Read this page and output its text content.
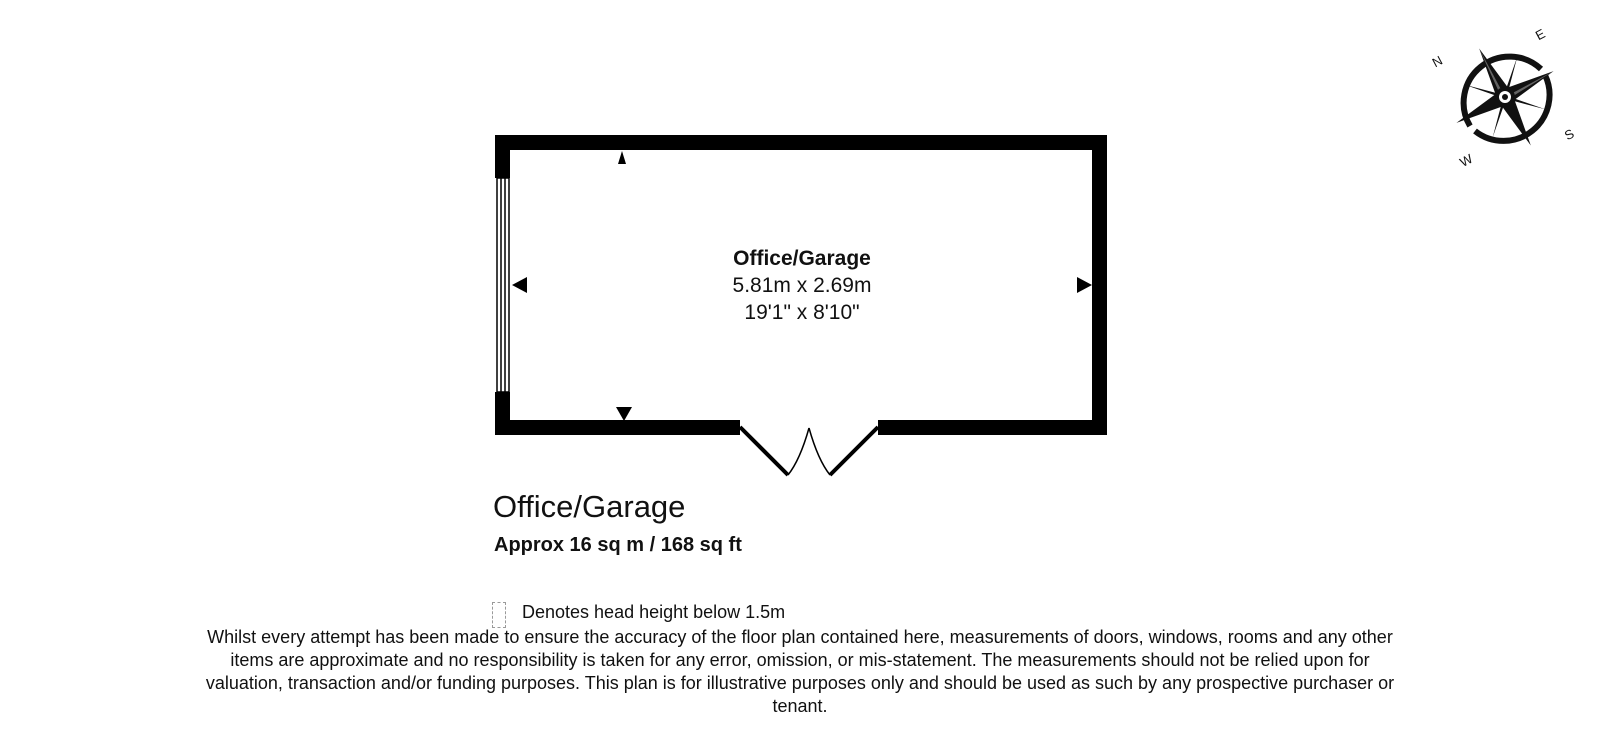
Office/Garage
5.81m x 2.69m
19'1" x 8'10"
N
E
S
W
Office/Garage
Approx 16 sq m / 168 sq ft
Denotes head height below 1.5m
Whilst every attempt has been made to ensure the accuracy of the floor plan contained here, measurements of doors, windows, rooms and any other items are approximate and no responsibility is taken for any error, omission, or mis-statement. The measurements should not be relied upon for valuation, transaction and/or funding purposes. This plan is for illustrative purposes only and should be used as such by any prospective purchaser or tenant.
